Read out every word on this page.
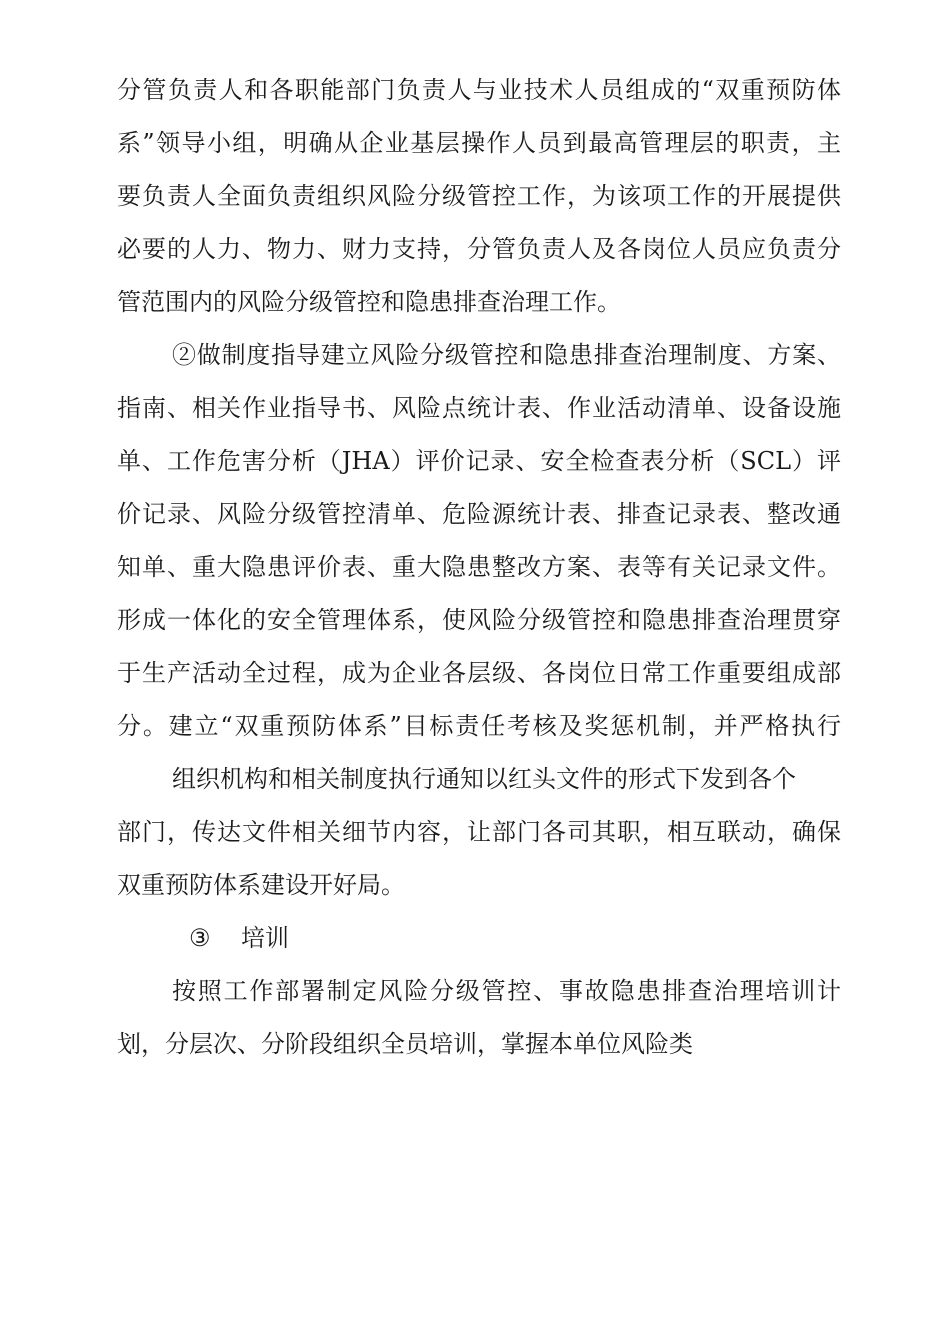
分管负责人和各职能部门负责人与业技术人员组成的“双重预防体
系”领导小组，明确从企业基层操作人员到最高管理层的职责，主
要负责人全面负责组织风险分级管控工作，为该项工作的开展提供
必要的人力、物力、财力支持，分管负责人及各岗位人员应负责分
管范围内的风险分级管控和隐患排查治理工作。
②做制度指导建立风险分级管控和隐患排查治理制度、方案、
指南、相关作业指导书、风险点统计表、作业活动清单、设备设施
单、工作危害分析（JHA）评价记录、安全检查表分析（SCL）评
价记录、风险分级管控清单、危险源统计表、排查记录表、整改通
知单、重大隐患评价表、重大隐患整改方案、表等有关记录文件。
形成一体化的安全管理体系，使风险分级管控和隐患排查治理贯穿
于生产活动全过程，成为企业各层级、各岗位日常工作重要组成部
分。建立“双重预防体系”目标责任考核及奖惩机制，并严格执行
组织机构和相关制度执行通知以红头文件的形式下发到各个
部门，传达文件相关细节内容，让部门各司其职，相互联动，确保
双重预防体系建设开好局。
③ 培训
按照工作部署制定风险分级管控、事故隐患排查治理培训计
划，分层次、分阶段组织全员培训，掌握本单位风险类
